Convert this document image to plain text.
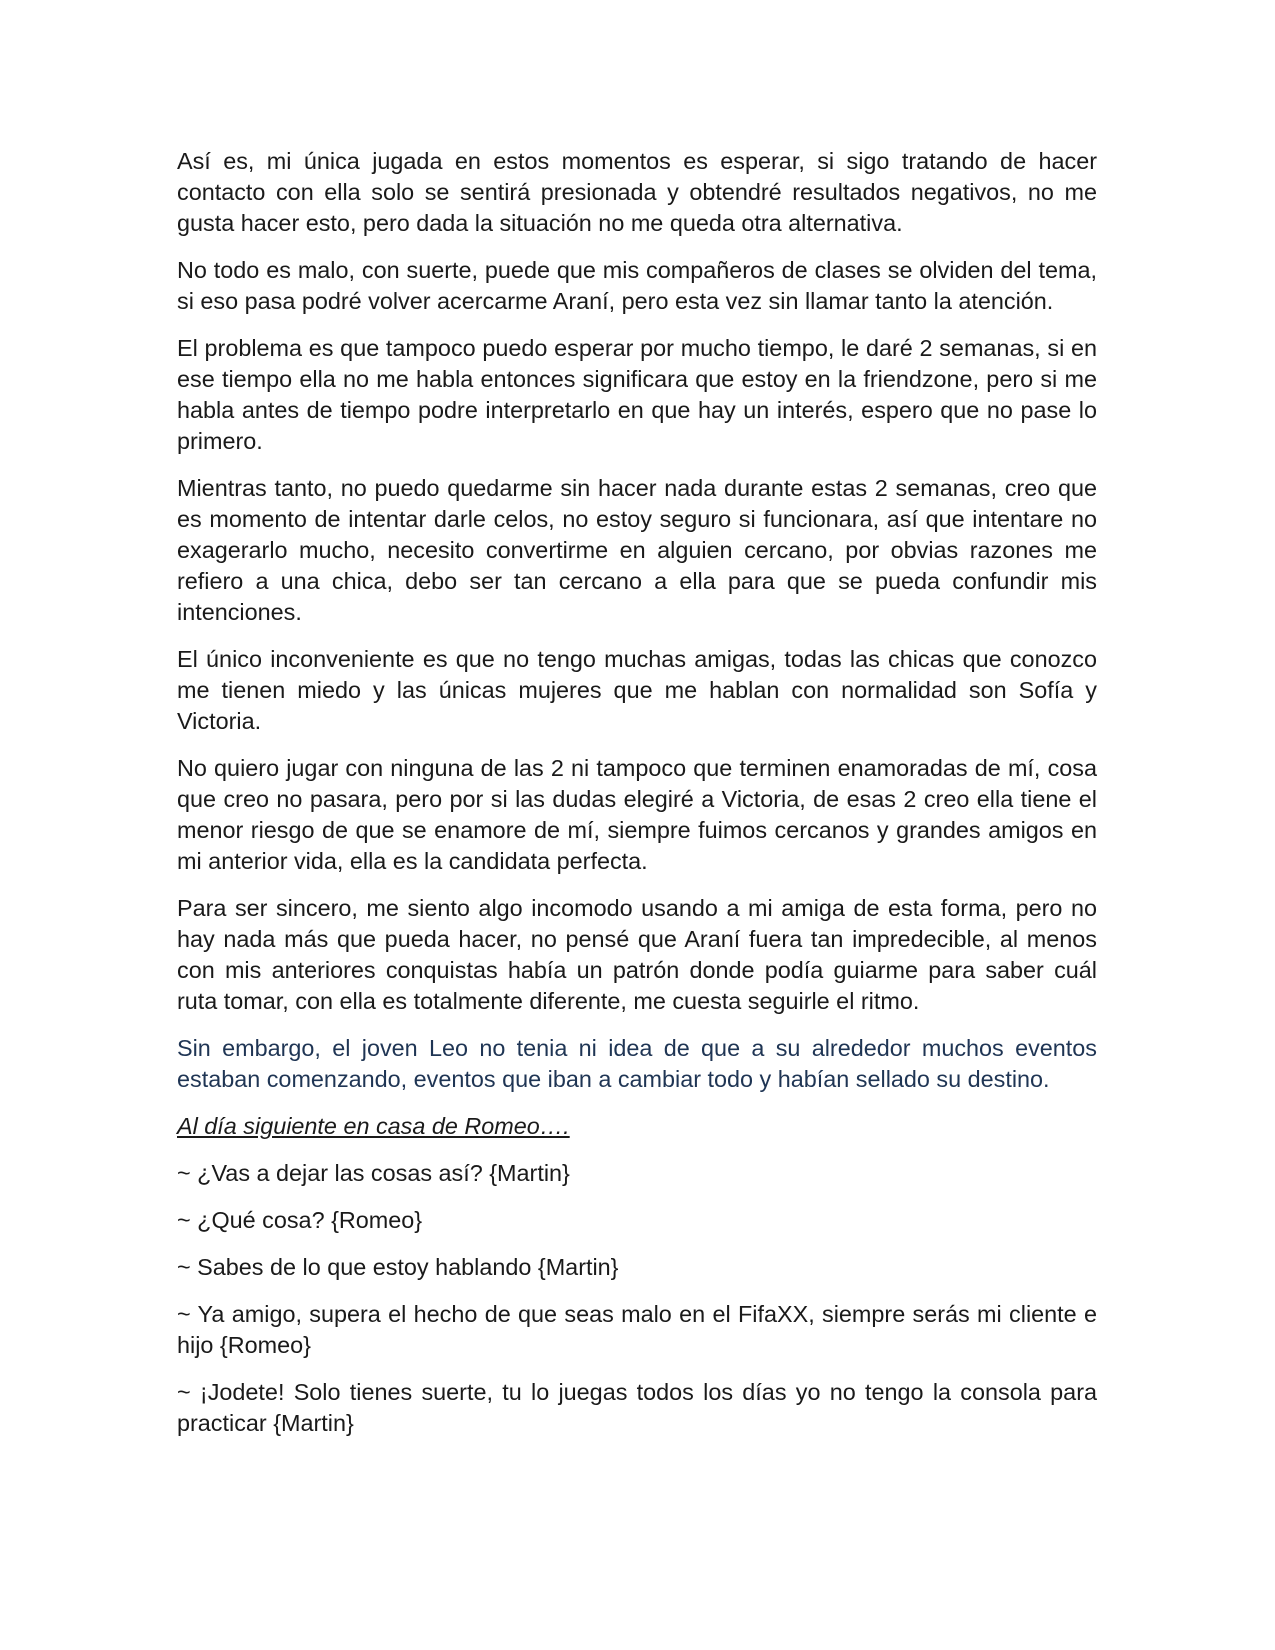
Así es, mi única jugada en estos momentos es esperar, si sigo tratando de hacer contacto con ella solo se sentirá presionada y obtendré resultados negativos, no me gusta hacer esto, pero dada la situación no me queda otra alternativa.

No todo es malo, con suerte, puede que mis compañeros de clases se olviden del tema, si eso pasa podré volver acercarme Araní, pero esta vez sin llamar tanto la atención.

El problema es que tampoco puedo esperar por mucho tiempo, le daré 2 semanas, si en ese tiempo ella no me habla entonces significara que estoy en la friendzone, pero si me habla antes de tiempo podre interpretarlo en que hay un interés, espero que no pase lo primero.

Mientras tanto, no puedo quedarme sin hacer nada durante estas 2 semanas, creo que es momento de intentar darle celos, no estoy seguro si funcionara, así que intentare no exagerarlo mucho, necesito convertirme en alguien cercano, por obvias razones me refiero a una chica, debo ser tan cercano a ella para que se pueda confundir mis intenciones.

El único inconveniente es que no tengo muchas amigas, todas las chicas que conozco me tienen miedo y las únicas mujeres que me hablan con normalidad son Sofía y Victoria.

No quiero jugar con ninguna de las 2 ni tampoco que terminen enamoradas de mí, cosa que creo no pasara, pero por si las dudas elegiré a Victoria, de esas 2 creo ella tiene el menor riesgo de que se enamore de mí, siempre fuimos cercanos y grandes amigos en mi anterior vida, ella es la candidata perfecta.

Para ser sincero, me siento algo incomodo usando a mi amiga de esta forma, pero no hay nada más que pueda hacer, no pensé que Araní fuera tan impredecible, al menos con mis anteriores conquistas había un patrón donde podía guiarme para saber cuál ruta tomar, con ella es totalmente diferente, me cuesta seguirle el ritmo.

Sin embargo, el joven Leo no tenia ni idea de que a su alrededor muchos eventos estaban comenzando, eventos que iban a cambiar todo y habían sellado su destino.

Al día siguiente en casa de Romeo….

~ ¿Vas a dejar las cosas así? {Martin}

~ ¿Qué cosa? {Romeo}

~ Sabes de lo que estoy hablando {Martin}

~ Ya amigo, supera el hecho de que seas malo en el FifaXX, siempre serás mi cliente e hijo {Romeo}

~ ¡Jodete! Solo tienes suerte, tu lo juegas todos los días yo no tengo la consola para practicar {Martin}
